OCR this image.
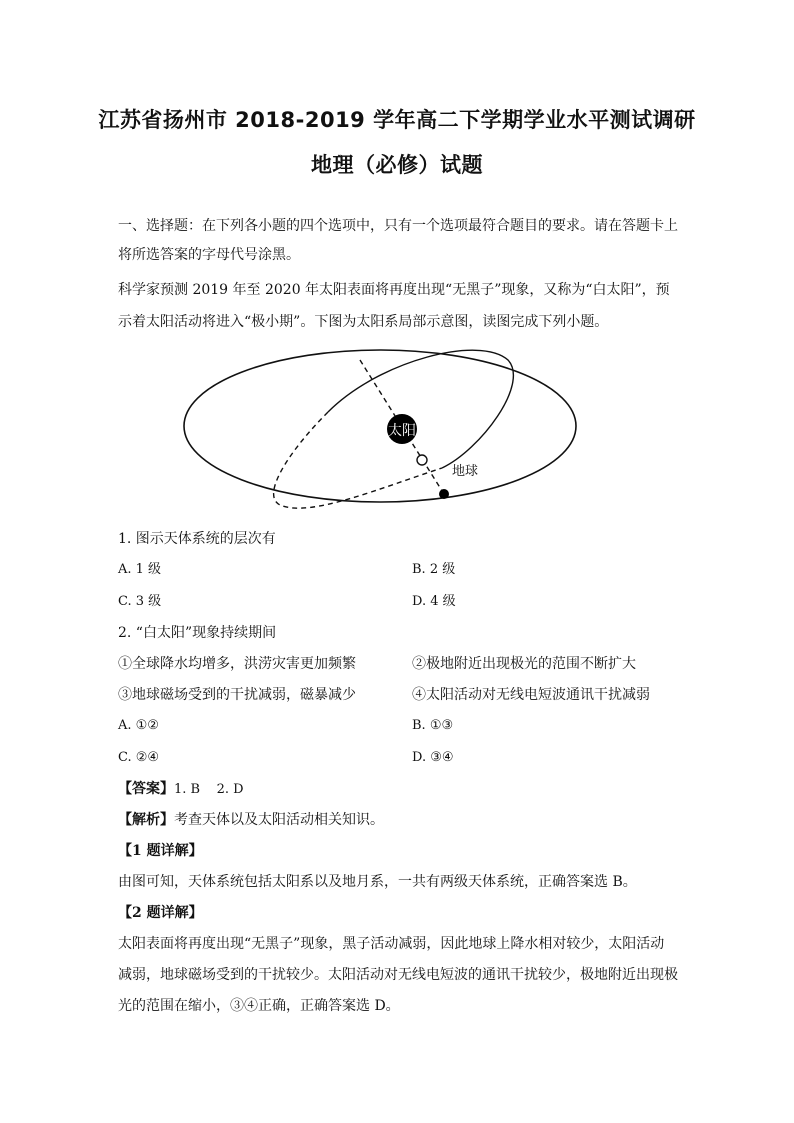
江苏省扬州市 2018-2019 学年高二下学期学业水平测试调研
地理（必修）试题
一、选择题：在下列各小题的四个选项中，只有一个选项最符合题目的要求。请在答题卡上
将所选答案的字母代号涂黑。
科学家预测 2019 年至 2020 年太阳表面将再度出现“无黑子”现象，又称为“白太阳”，预
示着太阳活动将进入“极小期”。下图为太阳系局部示意图，读图完成下列小题。
太阳
地球
1. 图示天体系统的层次有
A. 1 级	B. 2 级
C. 3 级	D. 4 级
2. “白太阳”现象持续期间
①全球降水均增多，洪涝灾害更加频繁	②极地附近出现极光的范围不断扩大
③地球磁场受到的干扰减弱，磁暴减少	④太阳活动对无线电短波通讯干扰减弱
A. ①②	B. ①③
C. ②④	D. ③④
【答案】1. B    2. D
【解析】考查天体以及太阳活动相关知识。
【1 题详解】
由图可知，天体系统包括太阳系以及地月系，一共有两级天体系统，正确答案选 B。
【2 题详解】
太阳表面将再度出现“无黑子”现象，黑子活动减弱，因此地球上降水相对较少，太阳活动
减弱，地球磁场受到的干扰较少。太阳活动对无线电短波的通讯干扰较少，极地附近出现极
光的范围在缩小，③④正确，正确答案选 D。
